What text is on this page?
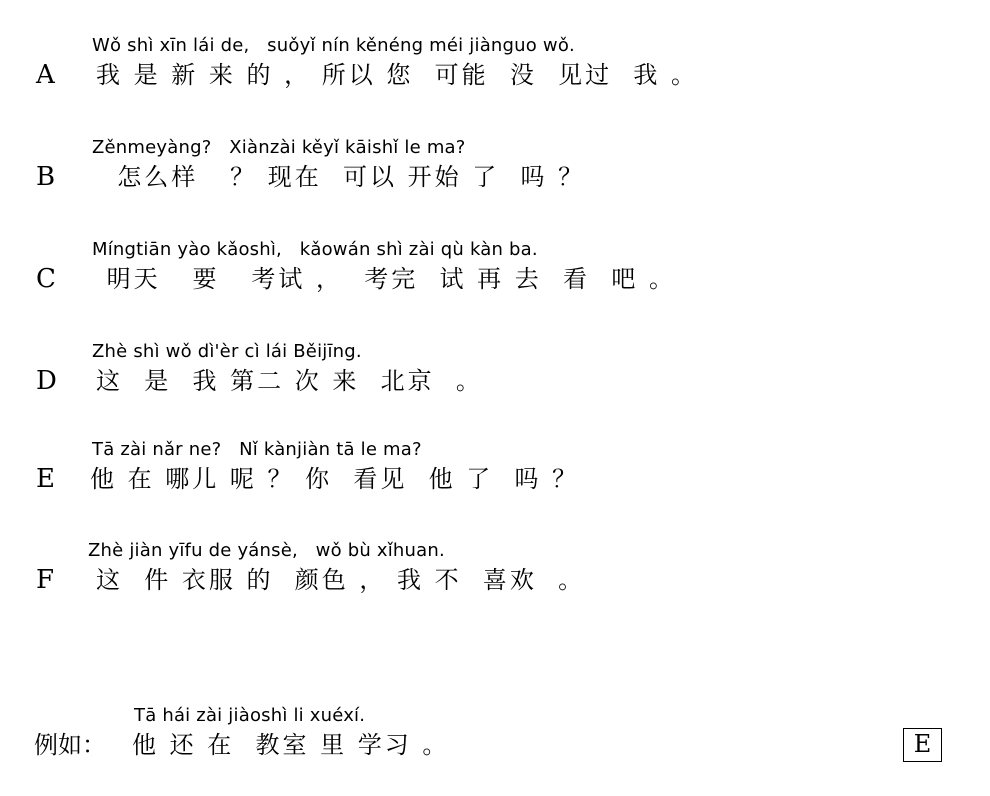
Wǒ shì xīn lái de,   suǒyǐ nín kěnéng méi jiànguo wǒ.
A 我 是 新 来 的 ， 所以 您  可能  没  见过  我 。
Zěnmeyàng?   Xiànzài kěyǐ kāishǐ le ma?
B 怎么样   ？ 现在  可以 开始 了  吗 ？
Míngtiān yào kǎoshì,   kǎowán shì zài qù kàn ba.
C 明天   要   考试 ，  考完  试 再 去  看  吧 。
Zhè shì wǒ dì'èr cì lái Běijīng.
D 这  是  我 第二 次 来  北京  。
Tā zài nǎr ne?   Nǐ kànjiàn tā le ma?
E 他 在 哪儿 呢 ？ 你  看见  他 了  吗 ？
Zhè jiàn yīfu de yánsè,   wǒ bù xǐhuan.
F 这  件 衣服 的  颜色 ， 我 不  喜欢  。
Tā hái zài jiàoshì li xuéxí.
例如： 他 还 在  教室 里 学习 。	E
